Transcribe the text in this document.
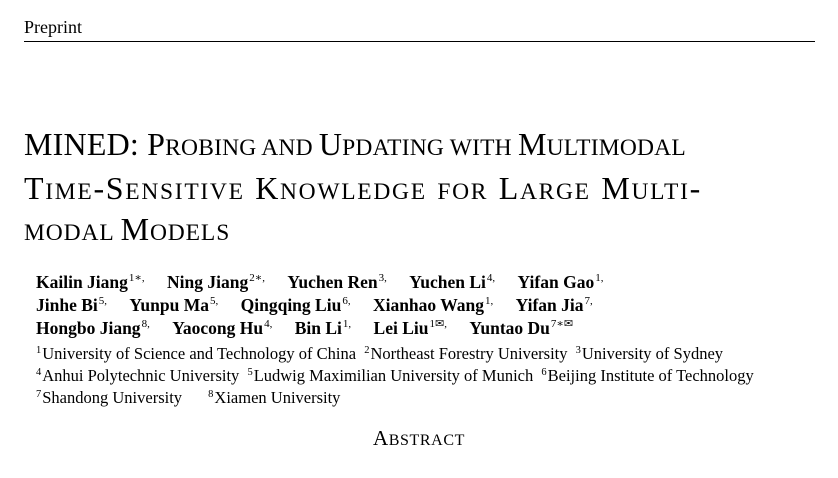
Preprint
MINED: PROBING AND UPDATING WITH MULTIMODAL
TIME-SENSITIVE KNOWLEDGE FOR LARGE MULTI-
MODAL MODELS
Kailin Jiang$^{1∗,}$ Ning Jiang$^{2∗,}$ Yuchen Ren$^{3,}$ Yuchen $Li^{4,}$ Yifan Gao$^{1,}$
Jinhe $Bi^{5,}$ Yunpu $Ma^{5,}$ Qingqing Liu$^{6,}$ Xianhao Wang$^{1,}$ Yifan Jia$^{7,}$
Hongbo Jiang$^{8,}$ Yaocong $Hu^{4,}$ Bin $Li^{1,}$ Lei Liu$^{1✉,}$ Yuntao $Du^{7∗✉}$
$^1$University of Science and Technology of China $^2$Northeast Forestry University $^3$University of Sydney
$^4$Anhui Polytechnic University $^5$Ludwig Maximilian University of Munich $^6$Beijing Institute of Technology
$^7$Shandong University $^8$Xiamen University
ABSTRACT
